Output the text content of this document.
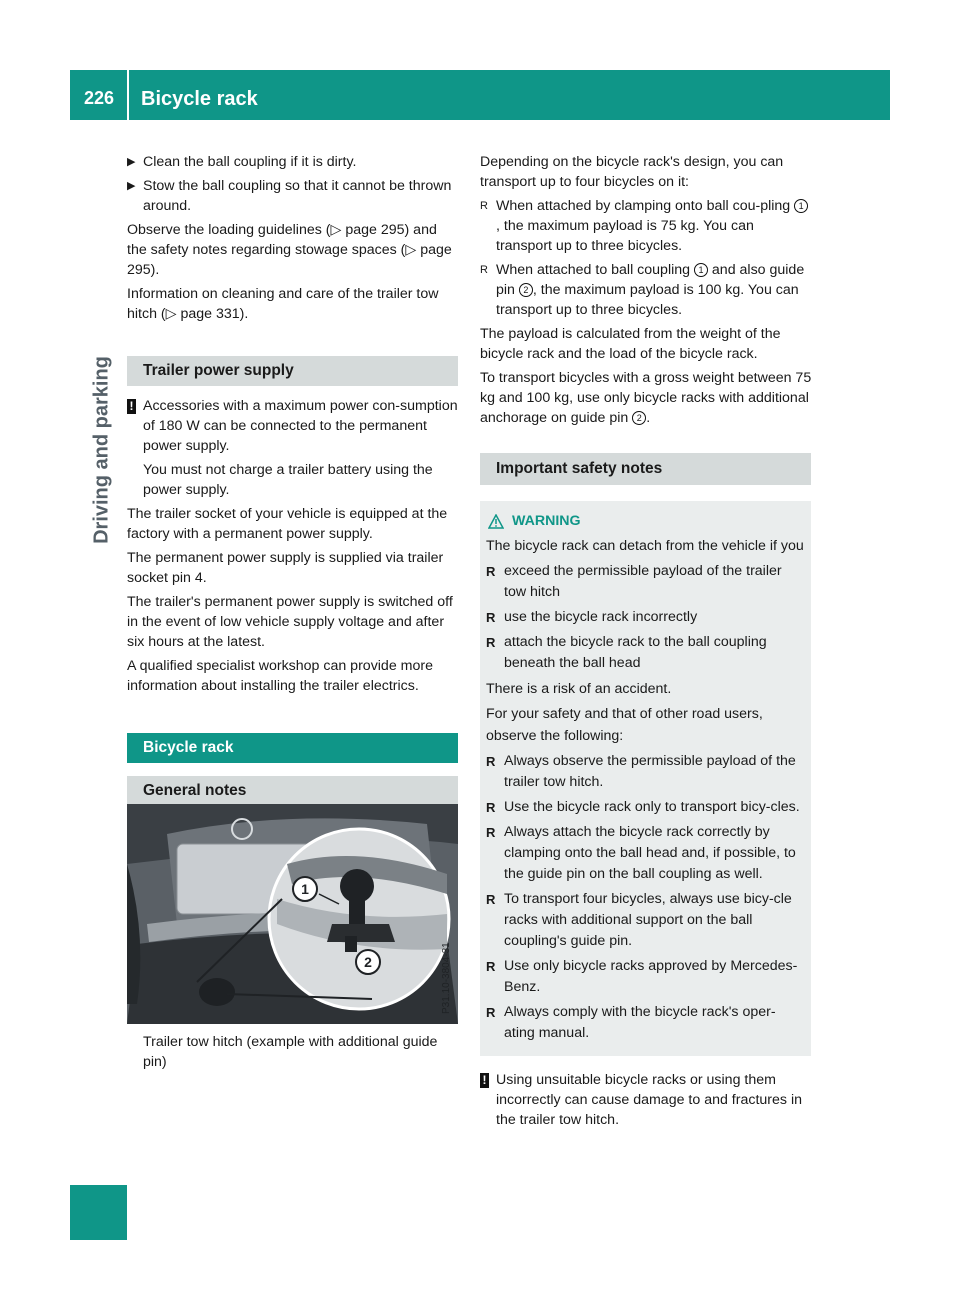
226 Bicycle rack
Driving and parking

▶ Clean the ball coupling if it is dirty.

▶ Stow the ball coupling so that it cannot be thrown around.

Observe the loading guidelines (▷ page 295) and the safety notes regarding stowage spaces (▷ page 295).

Information on cleaning and care of the trailer tow hitch (▷ page 331).

Trailer power supply

! Accessories with a maximum power con-sumption of 180 W can be connected to the permanent power supply.

You must not charge a trailer battery using the power supply.

The trailer socket of your vehicle is equipped at the factory with a permanent power supply.

The permanent power supply is supplied via trailer socket pin 4.

The trailer's permanent power supply is switched off in the event of low vehicle supply voltage and after six hours at the latest.

A qualified specialist workshop can provide more information about installing the trailer electrics.

Bicycle rack

General notes

1
2	P31.10-3804-31
Trailer tow hitch (example with additional guide pin)

Depending on the bicycle rack's design, you can transport up to four bicycles on it:

R When attached by clamping onto ball cou-pling 1, the maximum payload is 75 kg. You can transport up to three bicycles.

R When attached to ball coupling 1 and also guide pin 2 , the maximum payload is 100 kg. You can transport up to three bicycles.

The payload is calculated from the weight of the bicycle rack and the load of the bicycle rack.

To transport bicycles with a gross weight between 75 kg and 100 kg, use only bicycle racks with additional anchorage on guide pin 2 .

Important safety notes

WARNING

The bicycle rack can detach from the vehicle if you

R exceed the permissible payload of the trailer tow hitch
R use the bicycle rack incorrectly
R attach the bicycle rack to the ball coupling beneath the ball head

There is a risk of an accident.

For your safety and that of other road users, observe the following:

R Always observe the permissible payload of the trailer tow hitch.
R Use the bicycle rack only to transport bicy-cles.
R Always attach the bicycle rack correctly by clamping onto the ball head and, if possible, to the guide pin on the ball coupling as well.
R To transport four bicycles, always use bicy-cle racks with additional support on the ball coupling's guide pin.
R Use only bicycle racks approved by Mercedes-Benz.
R Always comply with the bicycle rack's oper-ating manual.

! Using unsuitable bicycle racks or using them incorrectly can cause damage to and fractures in the trailer tow hitch.
